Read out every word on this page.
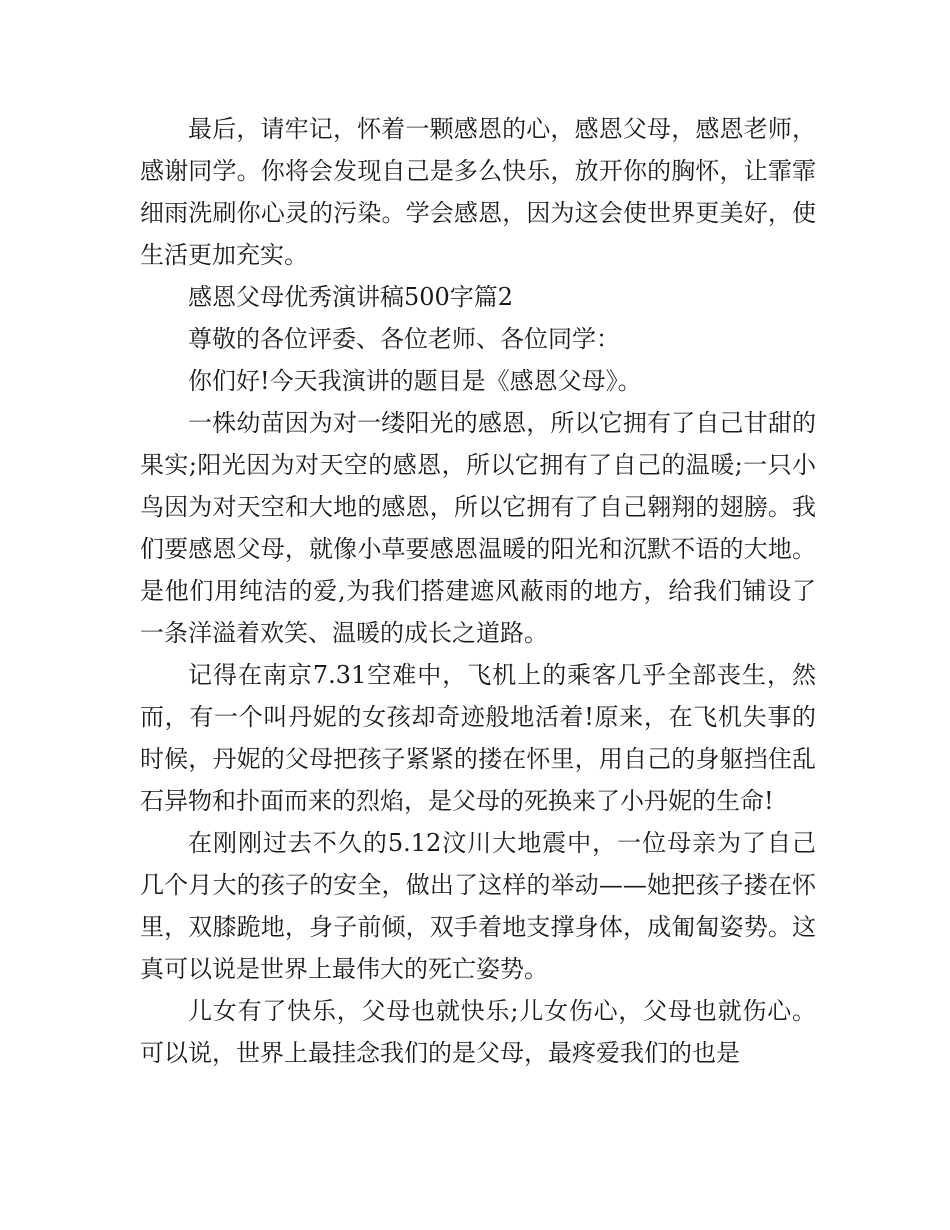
最后，请牢记，怀着一颗感恩的心，感恩父母，感恩老师，感谢同学。你将会发现自己是多么快乐，放开你的胸怀，让霏霏细雨洗刷你心灵的污染。学会感恩，因为这会使世界更美好，使生活更加充实。

感恩父母优秀演讲稿500字篇2

尊敬的各位评委、各位老师、各位同学：

你们好!今天我演讲的题目是《感恩父母》。

一株幼苗因为对一缕阳光的感恩，所以它拥有了自己甘甜的果实;阳光因为对天空的感恩，所以它拥有了自己的温暖;一只小鸟因为对天空和大地的感恩，所以它拥有了自己翱翔的翅膀。我们要感恩父母，就像小草要感恩温暖的阳光和沉默不语的大地。是他们用纯洁的爱,为我们搭建遮风蔽雨的地方，给我们铺设了一条洋溢着欢笑、温暖的成长之道路。

记得在南京7.31空难中，飞机上的乘客几乎全部丧生，然而，有一个叫丹妮的女孩却奇迹般地活着!原来，在飞机失事的时候，丹妮的父母把孩子紧紧的搂在怀里，用自己的身躯挡住乱石异物和扑面而来的烈焰，是父母的死换来了小丹妮的生命!

在刚刚过去不久的5.12汶川大地震中，一位母亲为了自己几个月大的孩子的安全，做出了这样的举动——她把孩子搂在怀里，双膝跪地，身子前倾，双手着地支撑身体，成匍匐姿势。这真可以说是世界上最伟大的死亡姿势。

儿女有了快乐，父母也就快乐;儿女伤心，父母也就伤心。可以说，世界上最挂念我们的是父母，最疼爱我们的也是
